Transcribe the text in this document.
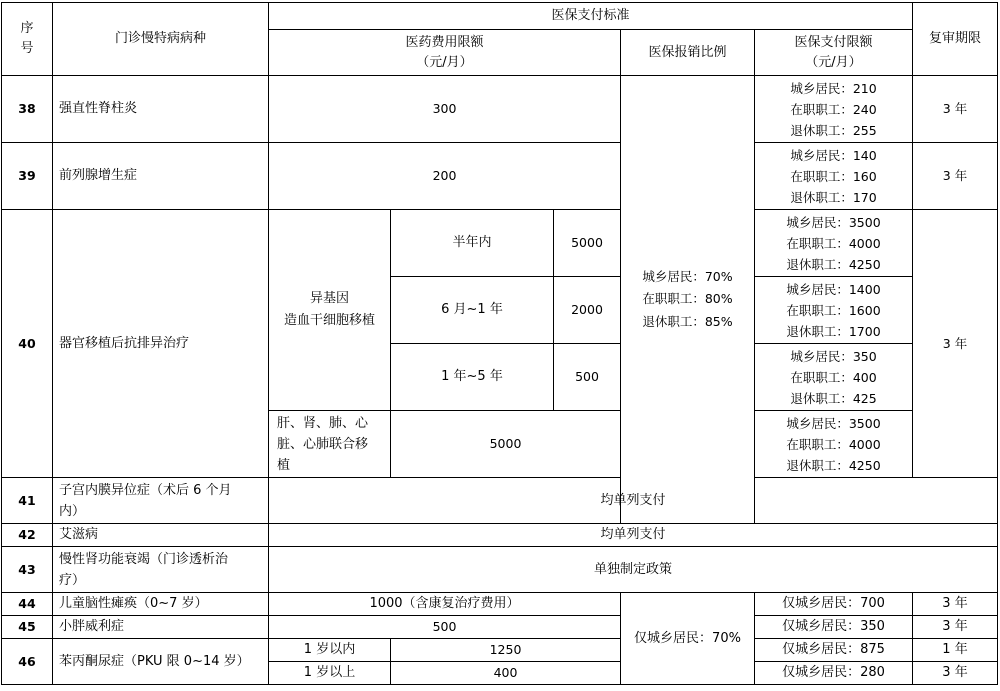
序
号	门诊慢特病病种	医保支付标准					复审期限
		医药费用限额
（元/月）			医保报销比例	医保支付限额
（元/月）	
38	强直性脊柱炎	300			城乡居民：70%
在职职工：80%
退休职工：85%	城乡居民：210
在职职工：240
退休职工：255	3 年
39	前列腺增生症	200				城乡居民：140
在职职工：160
退休职工：170	3 年
40	器官移植后抗排异治疗	异基因
造血干细胞移植	半年内	5000		城乡居民：3500
在职职工：4000
退休职工：4250	3 年
			6 月~1 年	2000		城乡居民：1400
在职职工：1600
退休职工：1700	
			1 年~5 年	500		城乡居民：350
在职职工：400
退休职工：425	
		肝、肾、肺、心
脏、心肺联合移
植	5000			城乡居民：3500
在职职工：4000
退休职工：4250	
41	子宫内膜异位症（术后 6 个月
内）	均单列支付					
42	艾滋病	均单列支付					
43	慢性肾功能衰竭（门诊透析治
疗）	单独制定政策					
44	儿童脑性瘫痪（0~7 岁）	1000（含康复治疗费用）			仅城乡居民：70%	仅城乡居民：700	3 年
45	小胖威利症	500				仅城乡居民：350	3 年
46	苯丙酮尿症（PKU 限 0~14 岁）	1 岁以内	1250			仅城乡居民：875	1 年
		1 岁以上	400			仅城乡居民：280	3 年
